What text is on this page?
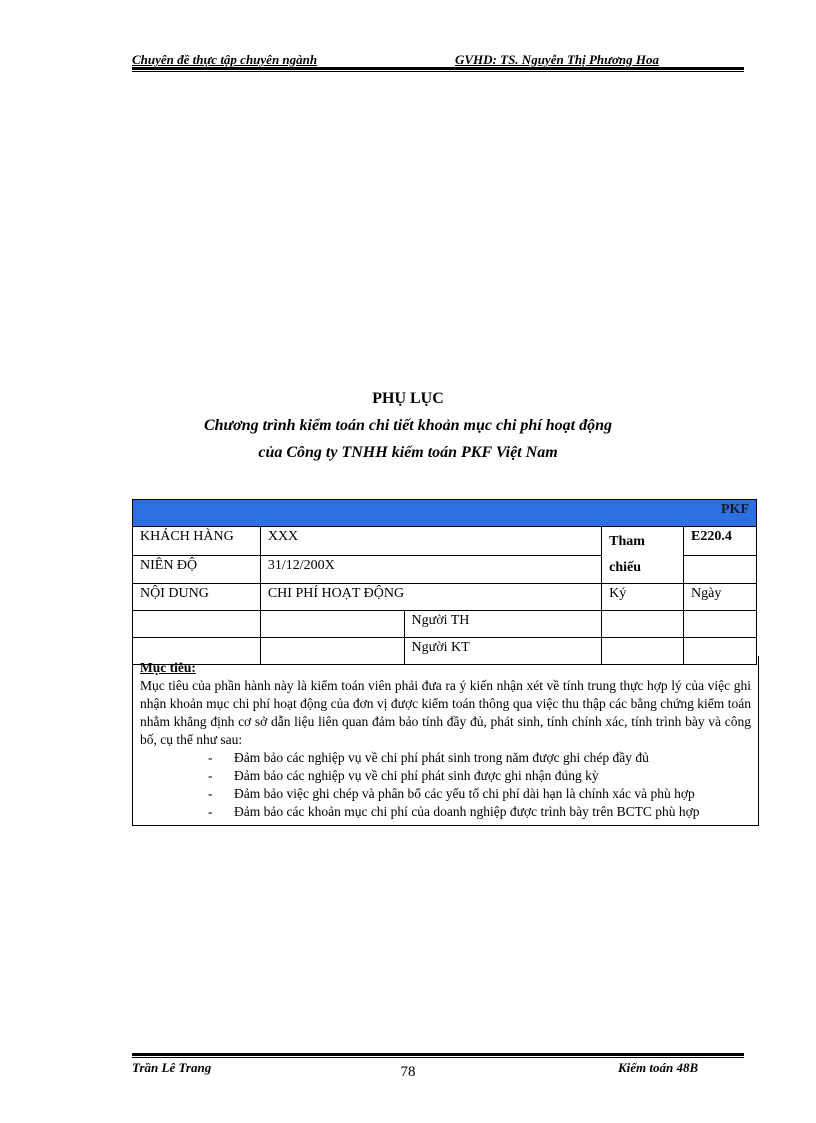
Chuyên đề thực tập chuyên ngành	GVHD: TS. Nguyễn Thị Phương Hoa
PHỤ LỤC
Chương trình kiểm toán chi tiết khoản mục chi phí hoạt động
của Công ty TNHH kiểm toán PKF Việt Nam
PKF				
KHÁCH HÀNG	XXX		Tham chiếu	E220.4
NIÊN ĐỘ	31/12/200X			
NỘI DUNG	CHI PHÍ HOẠT ĐỘNG		Ký	Ngày
		Người TH		
		Người KT		
Mục tiêu:

Mục tiêu của phần hành này là kiểm toán viên phải đưa ra ý kiến nhận xét về tính trung thực hợp lý của việc ghi nhận khoản mục chi phí hoạt động của đơn vị được kiểm toán thông qua việc thu thập các bằng chứng kiểm toán nhằm khẳng định cơ sở dẫn liệu liên quan đảm bảo tính đầy đủ, phát sinh, tính chính xác, tính trình bày và công bố, cụ thể như sau:

- Đảm bảo các nghiệp vụ về chi phí phát sinh trong năm được ghi chép đầy đủ
- Đảm bảo các nghiệp vụ về chi phí phát sinh được ghi nhận đúng kỳ
- Đảm bảo việc ghi chép và phân bổ các yếu tố chi phí dài hạn là chính xác và phù hợp
- Đảm bảo các khoản mục chi phí của doanh nghiệp được trình bày trên BCTC phù hợp
Trần Lê Trang	78	Kiểm toán 48B
